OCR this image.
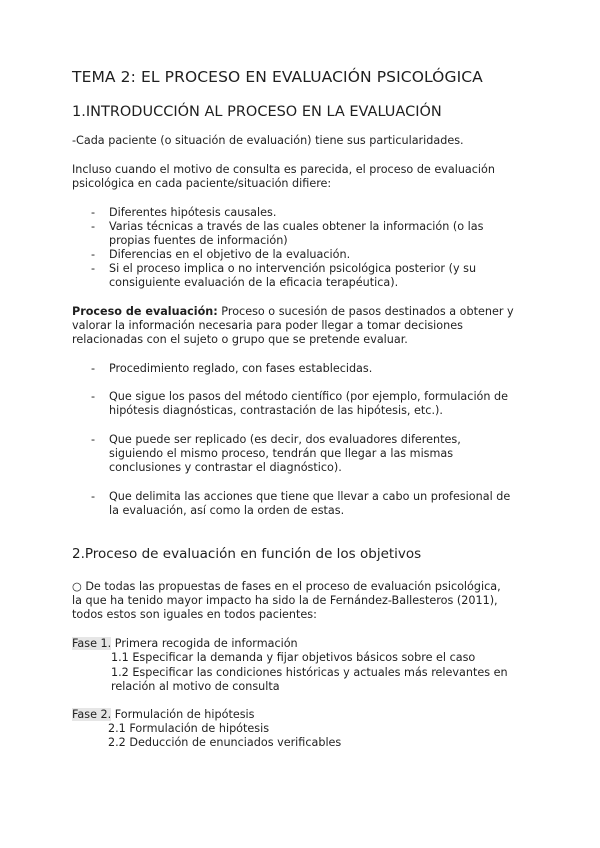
TEMA 2: EL PROCESO EN EVALUACIÓN PSICOLÓGICA
1.INTRODUCCIÓN AL PROCESO EN LA EVALUACIÓN
-Cada paciente (o situación de evaluación) tiene sus particularidades.
Incluso cuando el motivo de consulta es parecida, el proceso de evaluación
psicológica en cada paciente/situación difiere:
- Diferentes hipótesis causales.
- Varias técnicas a través de las cuales obtener la información (o las
propias fuentes de información)
- Diferencias en el objetivo de la evaluación.
- Si el proceso implica o no intervención psicológica posterior (y su
consiguiente evaluación de la eficacia terapéutica).
Proceso de evaluación: Proceso o sucesión de pasos destinados a obtener y
valorar la información necesaria para poder llegar a tomar decisiones
relacionadas con el sujeto o grupo que se pretende evaluar.
- Procedimiento reglado, con fases establecidas.
- Que sigue los pasos del método científico (por ejemplo, formulación de
hipótesis diagnósticas, contrastación de las hipótesis, etc.).
- Que puede ser replicado (es decir, dos evaluadores diferentes,
siguiendo el mismo proceso, tendrán que llegar a las mismas
conclusiones y contrastar el diagnóstico).
- Que delimita las acciones que tiene que llevar a cabo un profesional de
la evaluación, así como la orden de estas.
2.Proceso de evaluación en función de los objetivos
○ De todas las propuestas de fases en el proceso de evaluación psicológica,
la que ha tenido mayor impacto ha sido la de Fernández-Ballesteros (2011),
todos estos son iguales en todos pacientes:
Fase 1. Primera recogida de información
1.1 Especificar la demanda y fijar objetivos básicos sobre el caso
1.2 Especificar las condiciones históricas y actuales más relevantes en
relación al motivo de consulta
Fase 2. Formulación de hipótesis
2.1 Formulación de hipótesis
2.2 Deducción de enunciados verificables
